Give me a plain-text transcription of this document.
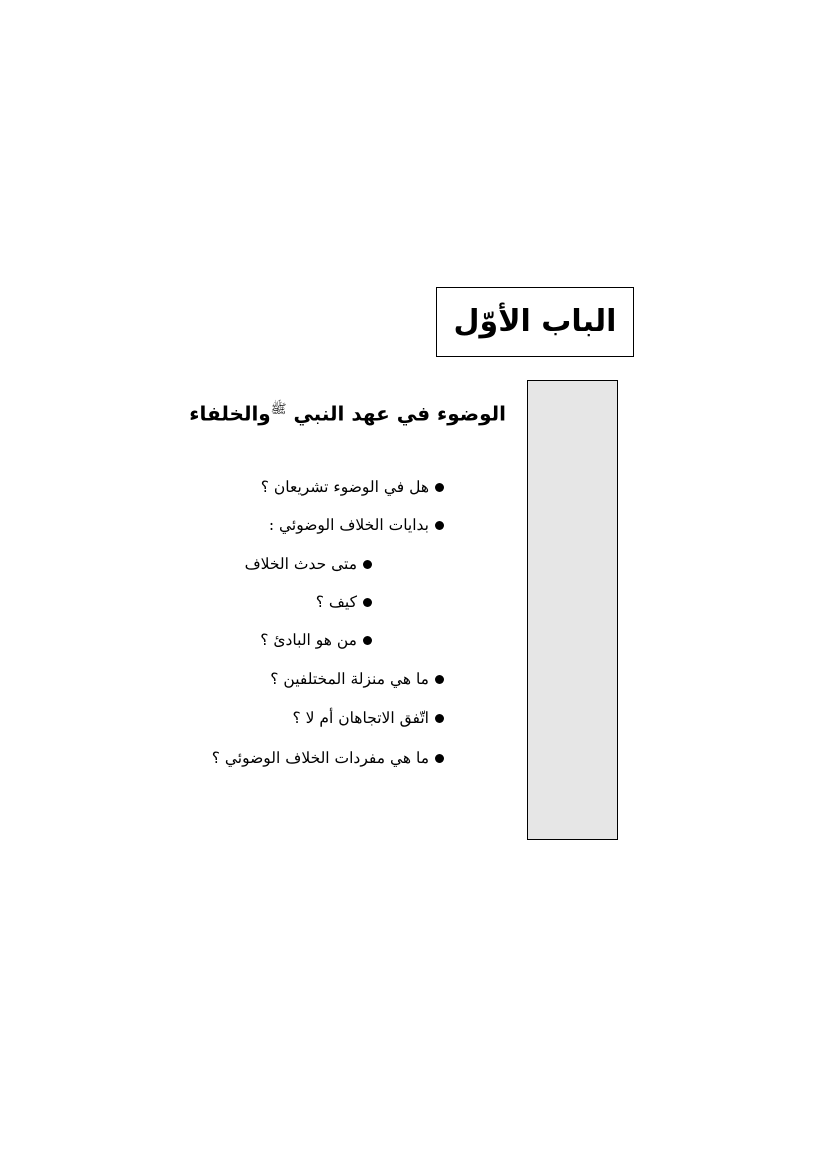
الباب الأوّل
الوضوء في عهد النبي $^ﷺ$والخلفاء
هل في الوضوء تشريعان ؟
بدايات الخلاف الوضوئي :
متى حدث الخلاف
كيف ؟
من هو البادئ ؟
ما هي منزلة المختلفين ؟
اتّفق الاتجاهان أم لا ؟
ما هي مفردات الخلاف الوضوئي ؟
